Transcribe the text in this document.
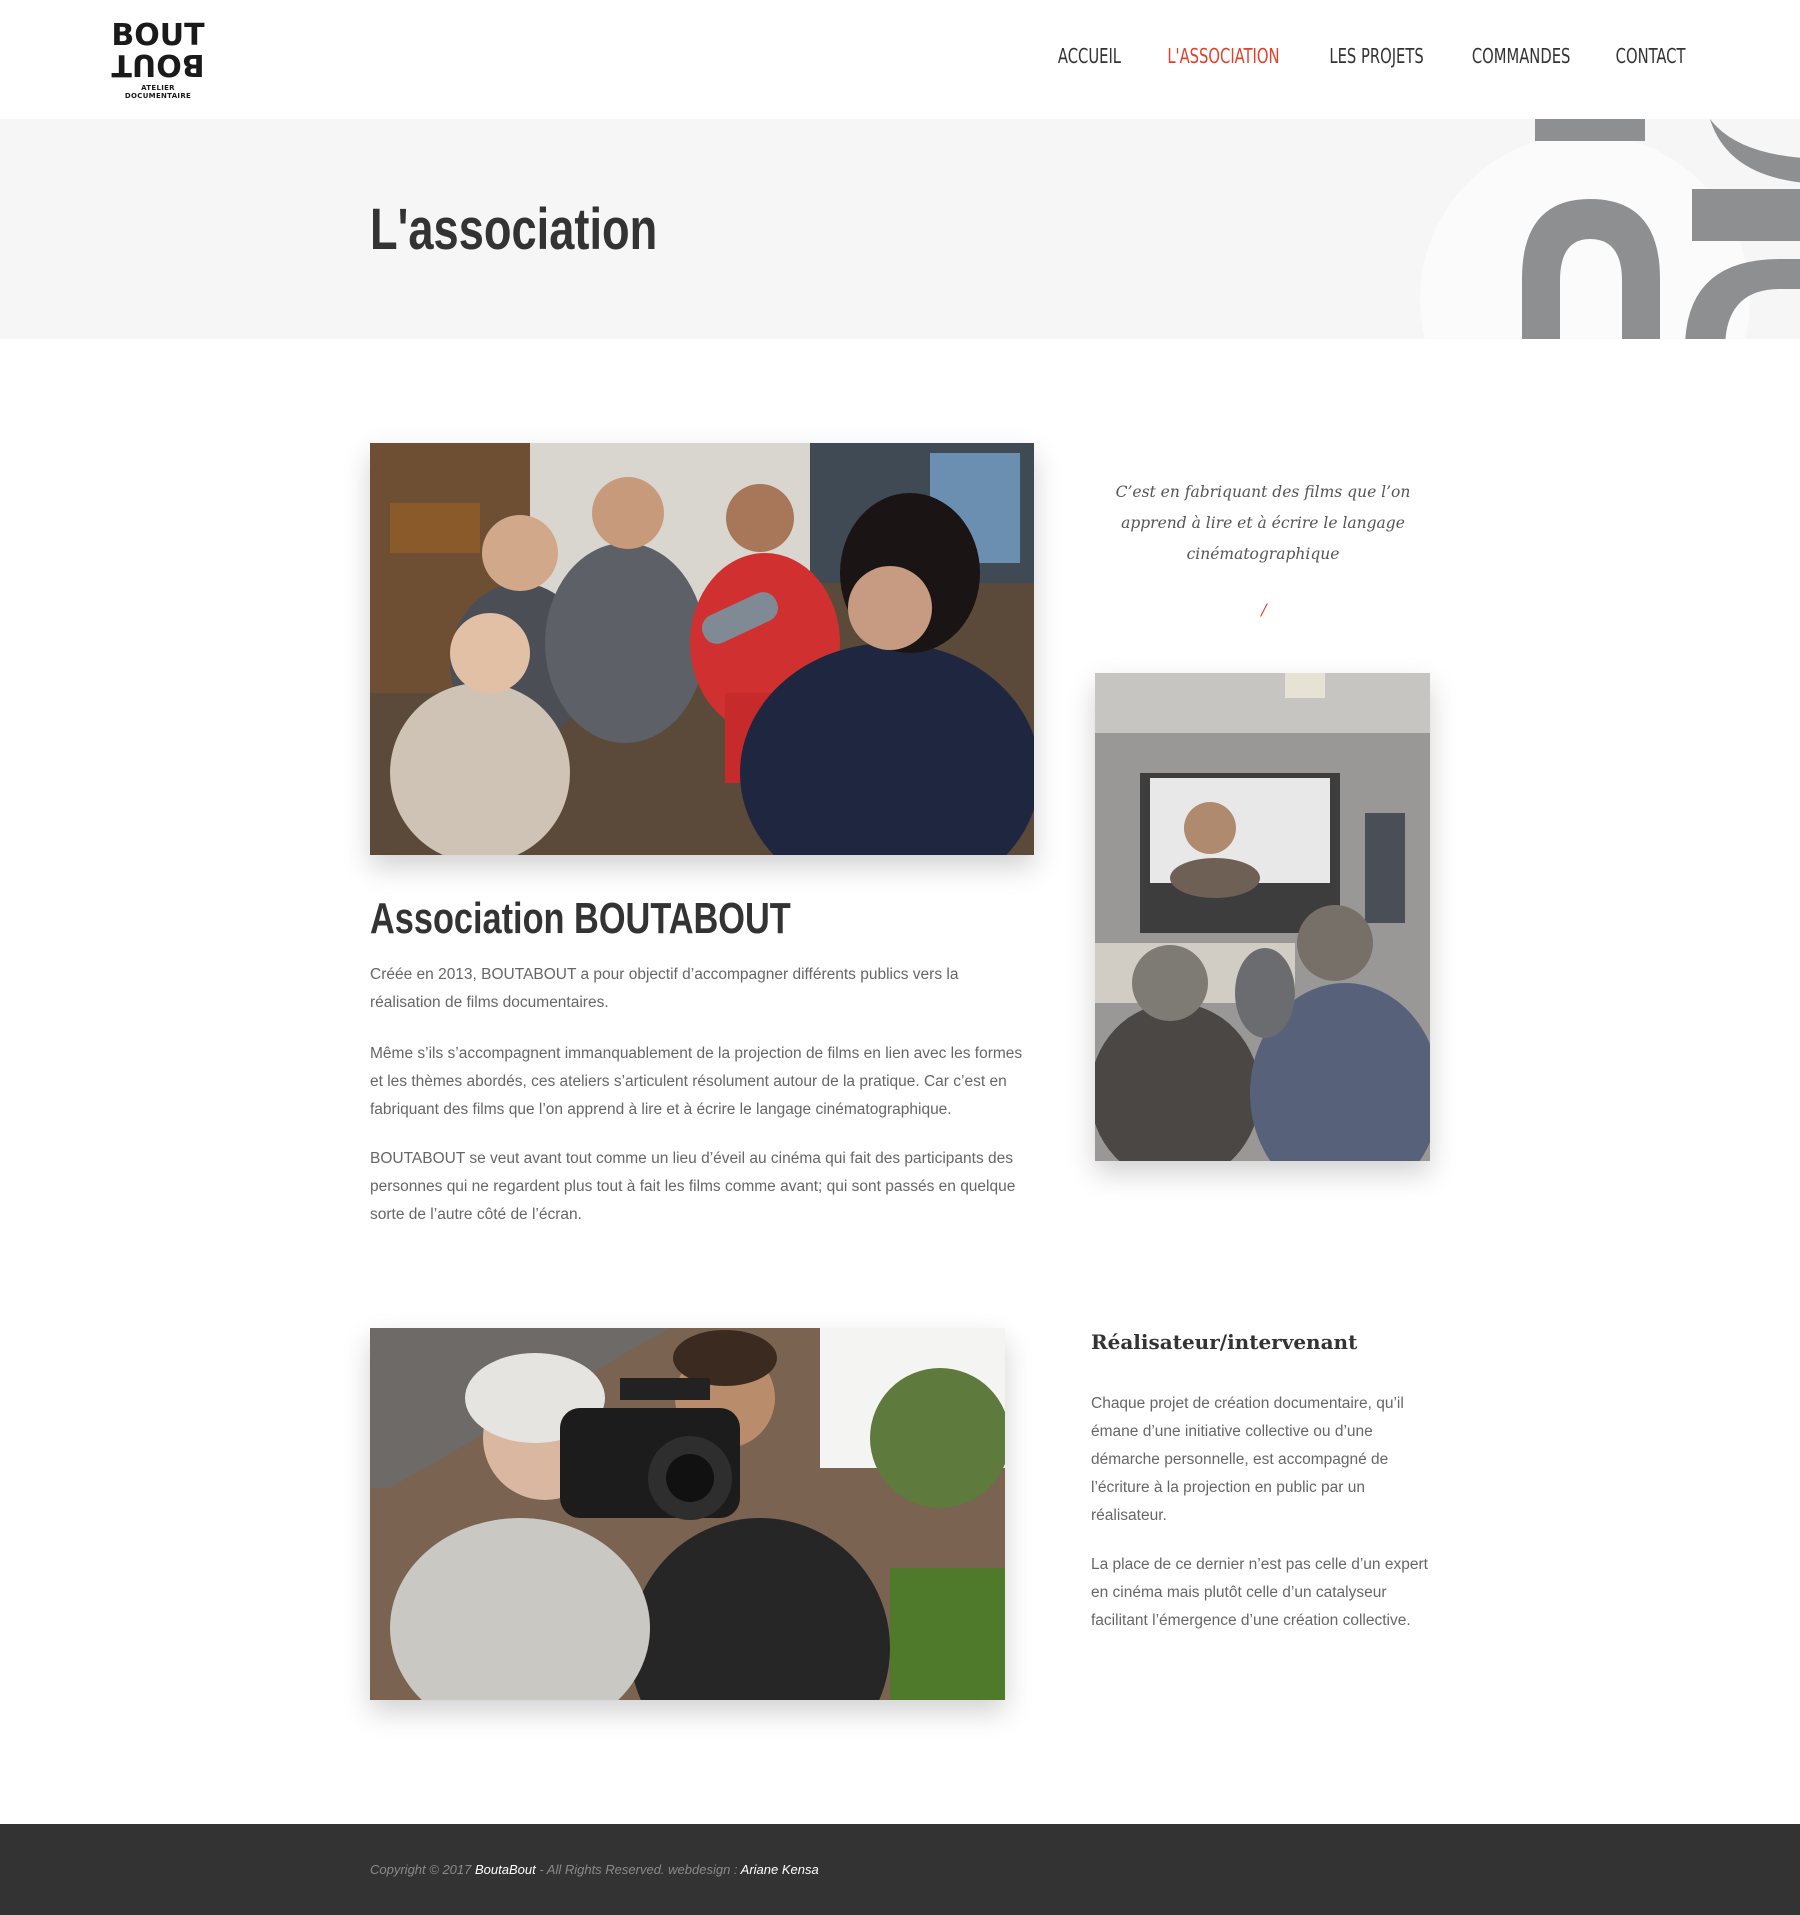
BOUT
BOUT
ATELIER DOCUMENTAIRE
ACCUEIL L'ASSOCIATION LES PROJETS COMMANDES CONTACT
L'association
Association BOUTABOUT

Créée en 2013, BOUTABOUT a pour objectif d’accompagner différents publics vers la réalisation de films documentaires.

Même s’ils s’accompagnent immanquablement de la projection de films en lien avec les formes et les thèmes abordés, ces ateliers s’articulent résolument autour de la pratique. Car c’est en fabriquant des films que l’on apprend à lire et à écrire le langage cinématographique.

BOUTABOUT se veut avant tout comme un lieu d’éveil au cinéma qui fait des participants des personnes qui ne regardent plus tout à fait les films comme avant; qui sont passés en quelque sorte de l’autre côté de l’écran.

C’est en fabriquant des films que l’on apprend à lire et à écrire le langage cinématographique

/
Réalisateur/intervenant

Chaque projet de création documentaire, qu’il émane d’une initiative collective ou d’une démarche personnelle, est accompagné de l’écriture à la projection en public par un réalisateur.

La place de ce dernier n’est pas celle d’un expert en cinéma mais plutôt celle d’un catalyseur facilitant l’émergence d’une création collective.

Copyright © 2017 BoutaBout - All Rights Reserved. webdesign : Ariane Kensa
